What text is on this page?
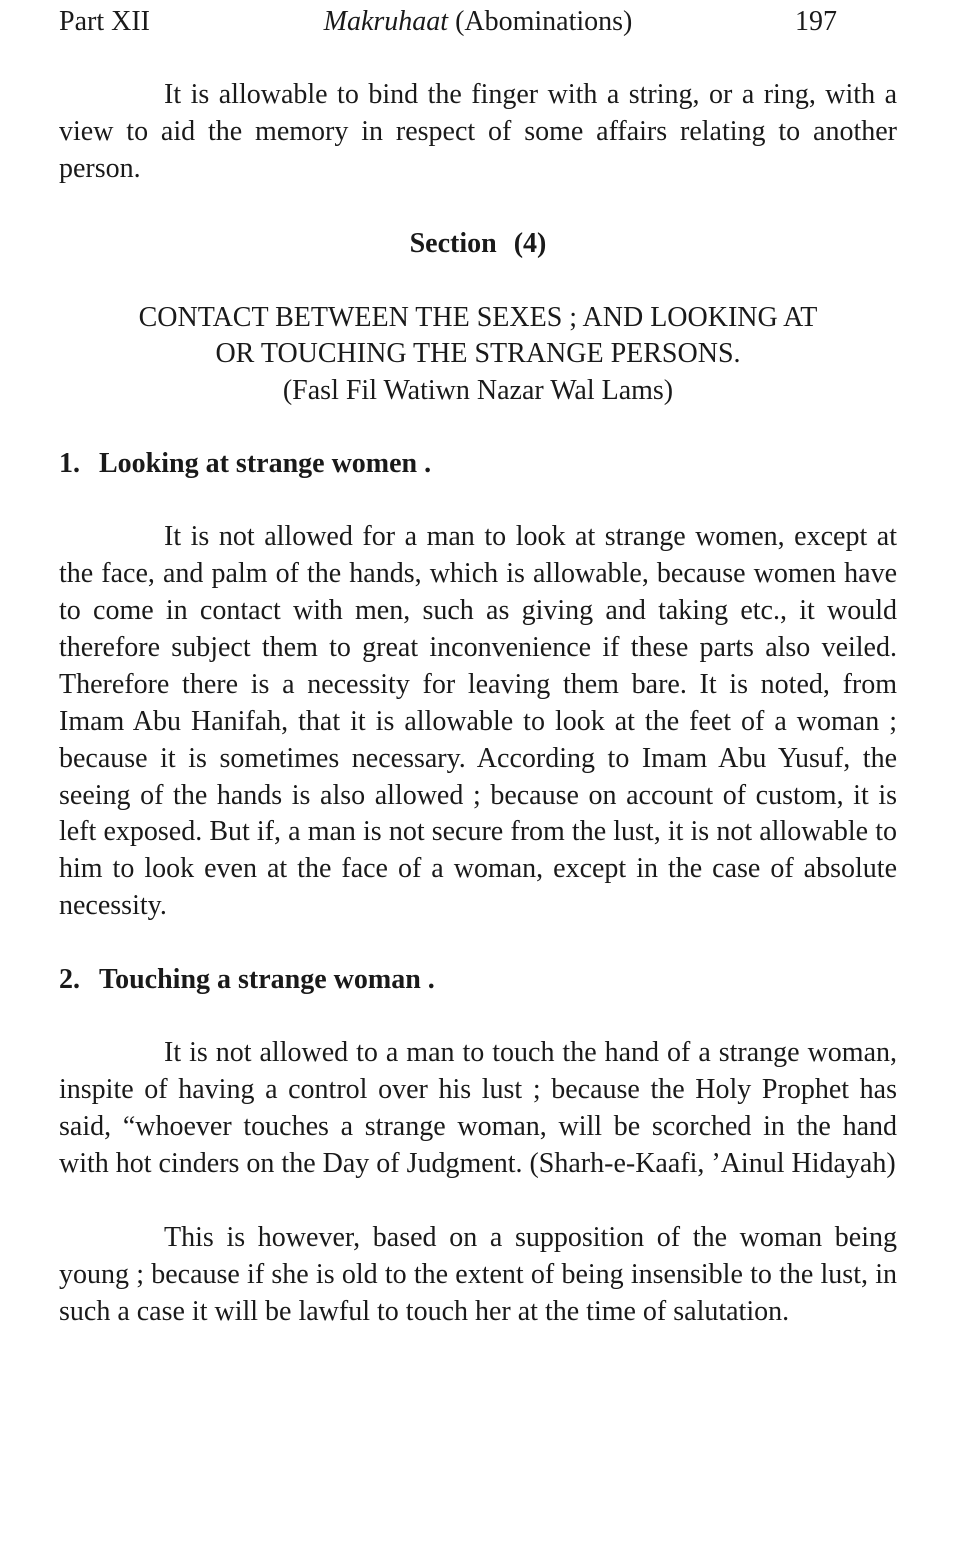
Part XII	Makruhaat (Abominations)	197

It is allowable to bind the finger with a string, or a ring, with a view to aid the memory in respect of some affairs relating to another person.

Section (4)
CONTACT BETWEEN THE SEXES ; AND LOOKING AT
OR TOUCHING THE STRANGE PERSONS.
(Fasl Fil Watiwn Nazar Wal Lams)
1. Looking at strange women .

It is not allowed for a man to look at strange women, except at the face, and palm of the hands, which is allowable, because women have to come in contact with men, such as giving and taking etc., it would therefore subject them to great inconvenience if these parts also veiled. Therefore there is a necessity for leaving them bare. It is noted, from Imam Abu Hanifah, that it is allowable to look at the feet of a woman ; because it is sometimes necessary. According to Imam Abu Yusuf, the seeing of the hands is also allowed ; because on account of custom, it is left exposed. But if, a man is not secure from the lust, it is not allowable to him to look even at the face of a woman, except in the case of absolute necessity.

2. Touching a strange woman .

It is not allowed to a man to touch the hand of a strange woman, inspite of having a control over his lust ; because the Holy Prophet has said, “whoever touches a strange woman, will be scorched in the hand with hot cinders on the Day of Judgment. (Sharh-e-Kaafi, ’Ainul Hidayah)

This is however, based on a supposition of the woman being young ; because if she is old to the extent of being insensible to the lust, in such a case it will be lawful to touch her at the time of salutation.
